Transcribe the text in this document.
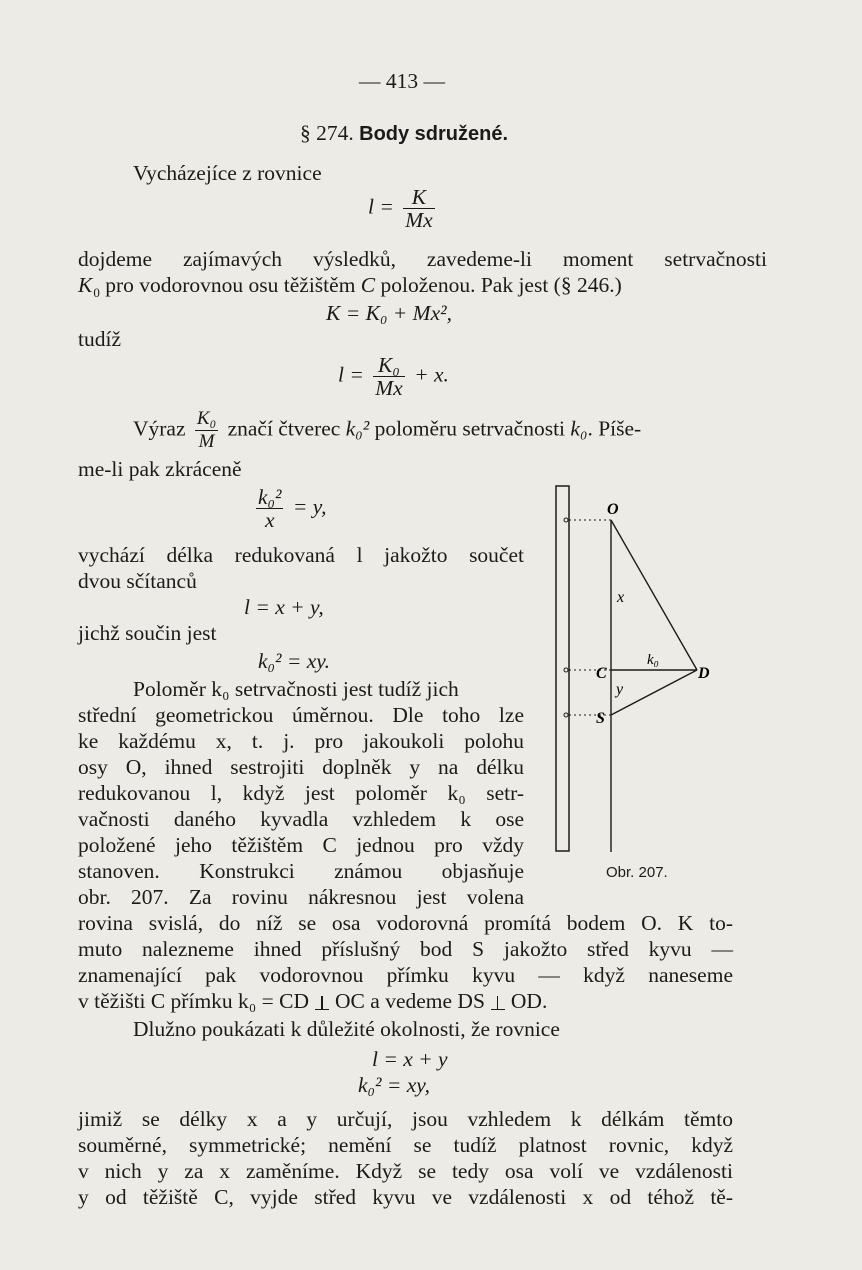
— 413 —
§ 274. Body sdružené.
Vycházejíce z rovnice
$l = \frac{K}{Mx}$
dojdeme zajímavých výsledků, zavedeme-li moment setrvačnosti
$K_0$ pro vodorovnou osu těžištěm C položenou. Pak jest (§ 246.)
K = K₀ + Mx²,
tudíž
$l = \frac{\text{K₀}}{Mx} + x$.
Výraz $\frac{\text{K₀}}{M}$ značí čtverec k₀² poloměru setrvačnosti k₀. Píše-
me-li pak zkráceně
$\frac{\text{k₀²}}{x} = y$,
vychází délka redukovaná l jakožto součet
dvou sčítanců
l = x + y,
jichž součin jest
k₀² = xy.
Poloměr k₀ setrvačnosti jest tudíž jich
střední geometrickou úměrnou. Dle toho lze
ke každému x, t. j. pro jakoukoli polohu
osy O, ihned sestrojiti doplněk y na délku
redukovanou l, když jest poloměr k₀ setr-
vačnosti daného kyvadla vzhledem k ose
položené jeho těžištěm C jednou pro vždy
stanoven. Konstrukci známou objasňuje
obr. 207. Za rovinu nákresnou jest volena
rovina svislá, do níž se osa vodorovná promítá bodem O. K to-
muto nalezneme ihned příslušný bod S jakožto střed kyvu —
znamenající pak vodorovnou přímku kyvu — když naneseme
v těžišti C přímku k₀ = CD OC a vedeme DS OD.
Dlužno poukázati k důležité okolnosti, že rovnice
l = x + y
k₀² = xy,
jimiž se délky x a y určují, jsou vzhledem k délkám těmto
souměrné, symmetrické; nemění se tudíž platnost rovnic, když
v nich y za x zaměníme. Když se tedy osa volí ve vzdálenosti
y od těžiště C, vyjde střed kyvu ve vzdálenosti x od téhož tě-
O
x
k₀
C	D
y
S
Obr. 207.
